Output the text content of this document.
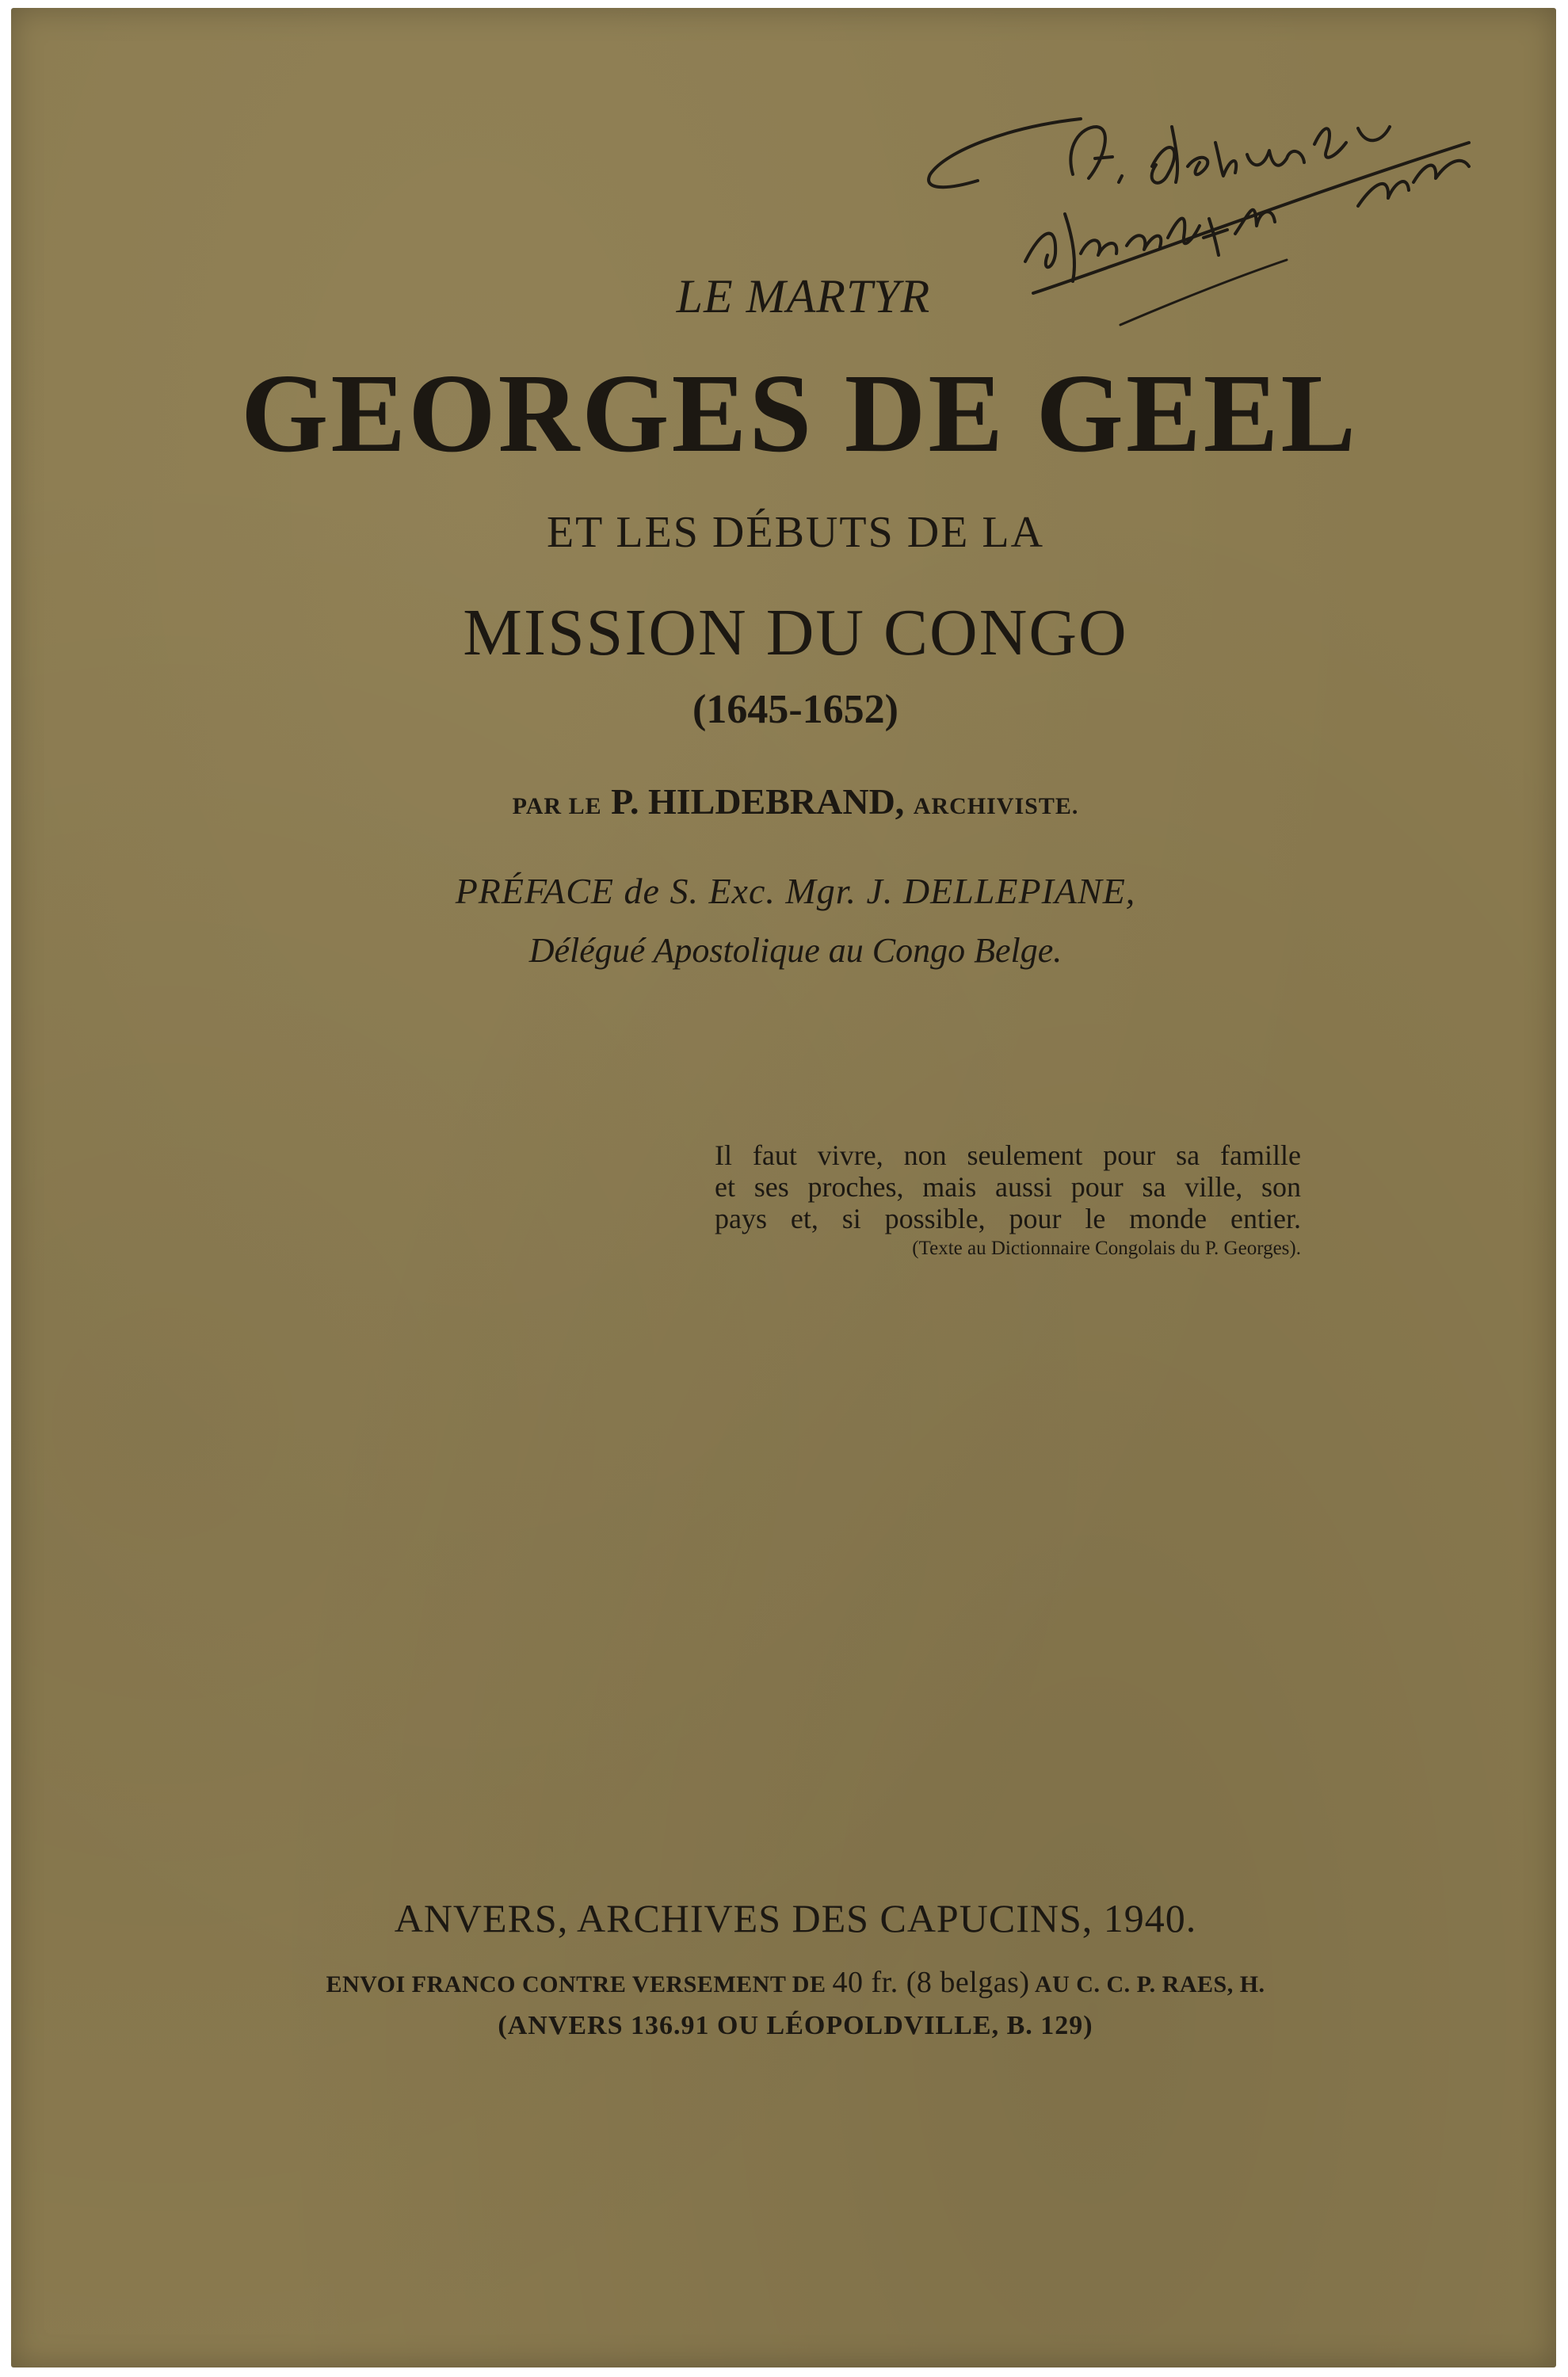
LE MARTYR

GEORGES DE GEEL

ET LES DÉBUTS DE LA

MISSION DU CONGO

(1645-1652)

PAR LE P. HILDEBRAND, ARCHIVISTE.

PRÉFACE de S. Exc. Mgr. J. DELLEPIANE,

Délégué Apostolique au Congo Belge.

Il faut vivre, non seulement pour sa famille
et ses proches, mais aussi pour sa ville, son
pays et, si possible, pour le monde entier.
(Texte au Dictionnaire Congolais du P. Georges).

ANVERS, ARCHIVES DES CAPUCINS, 1940.

ENVOI FRANCO CONTRE VERSEMENT DE 40 fr. (8 belgas) AU C. C. P. RAES, H.

(ANVERS 136.91 OU LÉOPOLDVILLE, B. 129)
